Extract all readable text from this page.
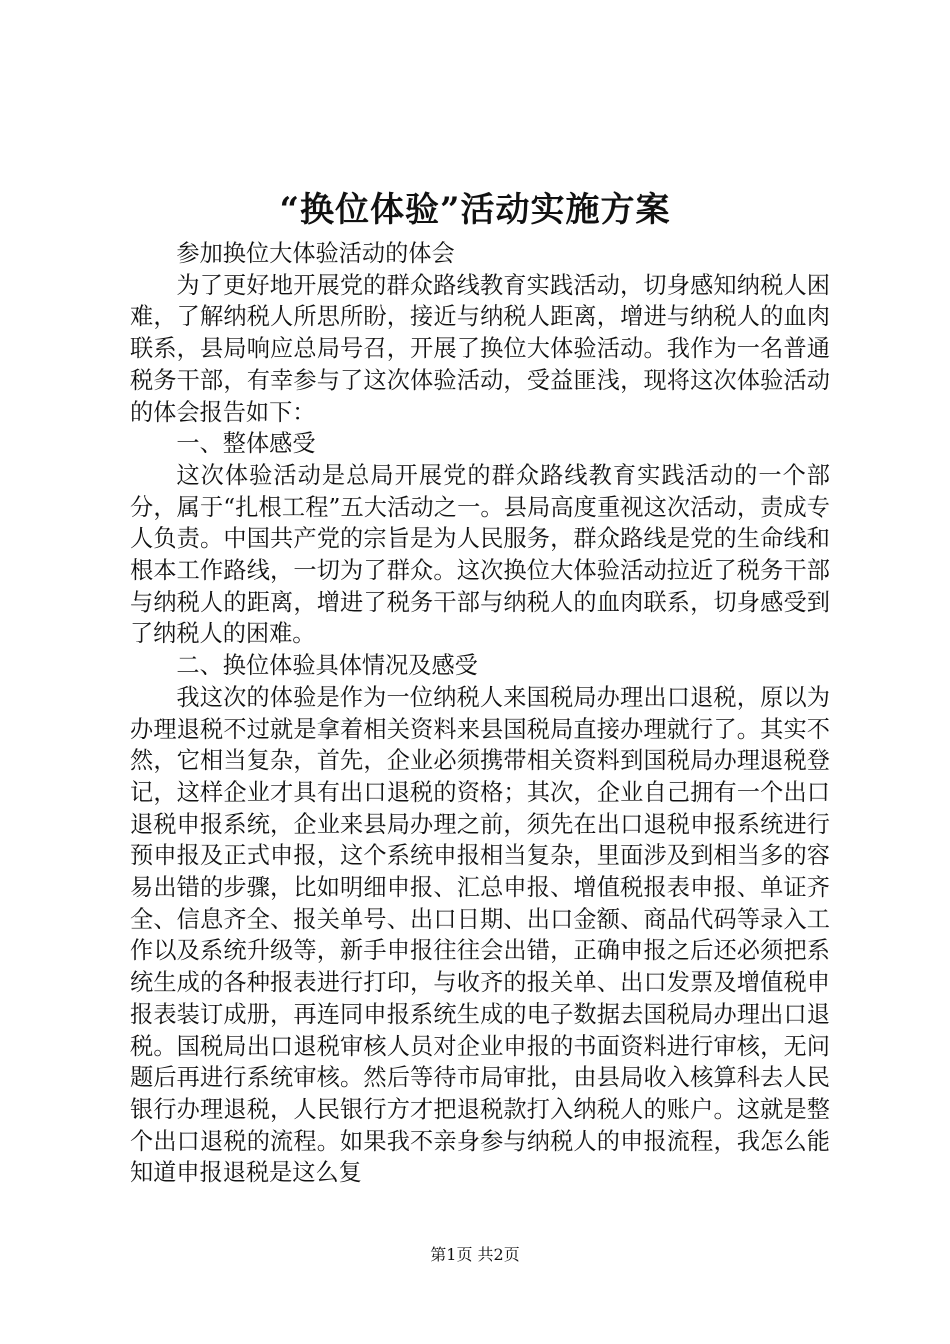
“换位体验”活动实施方案

参加换位大体验活动的体会

为了更好地开展党的群众路线教育实践活动，切身感知纳税人困难，了解纳税人所思所盼，接近与纳税人距离，增进与纳税人的血肉联系，县局响应总局号召，开展了换位大体验活动。我作为一名普通税务干部，有幸参与了这次体验活动，受益匪浅，现将这次体验活动的体会报告如下：

一、整体感受

这次体验活动是总局开展党的群众路线教育实践活动的一个部分，属于“扎根工程”五大活动之一。县局高度重视这次活动，责成专人负责。中国共产党的宗旨是为人民服务，群众路线是党的生命线和根本工作路线，一切为了群众。这次换位大体验活动拉近了税务干部与纳税人的距离，增进了税务干部与纳税人的血肉联系，切身感受到了纳税人的困难。

二、换位体验具体情况及感受

我这次的体验是作为一位纳税人来国税局办理出口退税，原以为办理退税不过就是拿着相关资料来县国税局直接办理就行了。其实不然，它相当复杂，首先，企业必须携带相关资料到国税局办理退税登记，这样企业才具有出口退税的资格；其次，企业自己拥有一个出口退税申报系统，企业来县局办理之前，须先在出口退税申报系统进行预申报及正式申报，这个系统申报相当复杂，里面涉及到相当多的容易出错的步骤，比如明细申报、汇总申报、增值税报表申报、单证齐全、信息齐全、报关单号、出口日期、出口金额、商品代码等录入工作以及系统升级等，新手申报往往会出错，正确申报之后还必须把系统生成的各种报表进行打印，与收齐的报关单、出口发票及增值税申报表装订成册，再连同申报系统生成的电子数据去国税局办理出口退税。国税局出口退税审核人员对企业申报的书面资料进行审核，无问题后再进行系统审核。然后等待市局审批，由县局收入核算科去人民银行办理退税，人民银行方才把退税款打入纳税人的账户。这就是整个出口退税的流程。如果我不亲身参与纳税人的申报流程，我怎么能知道申报退税是这么复

第1页 共2页
